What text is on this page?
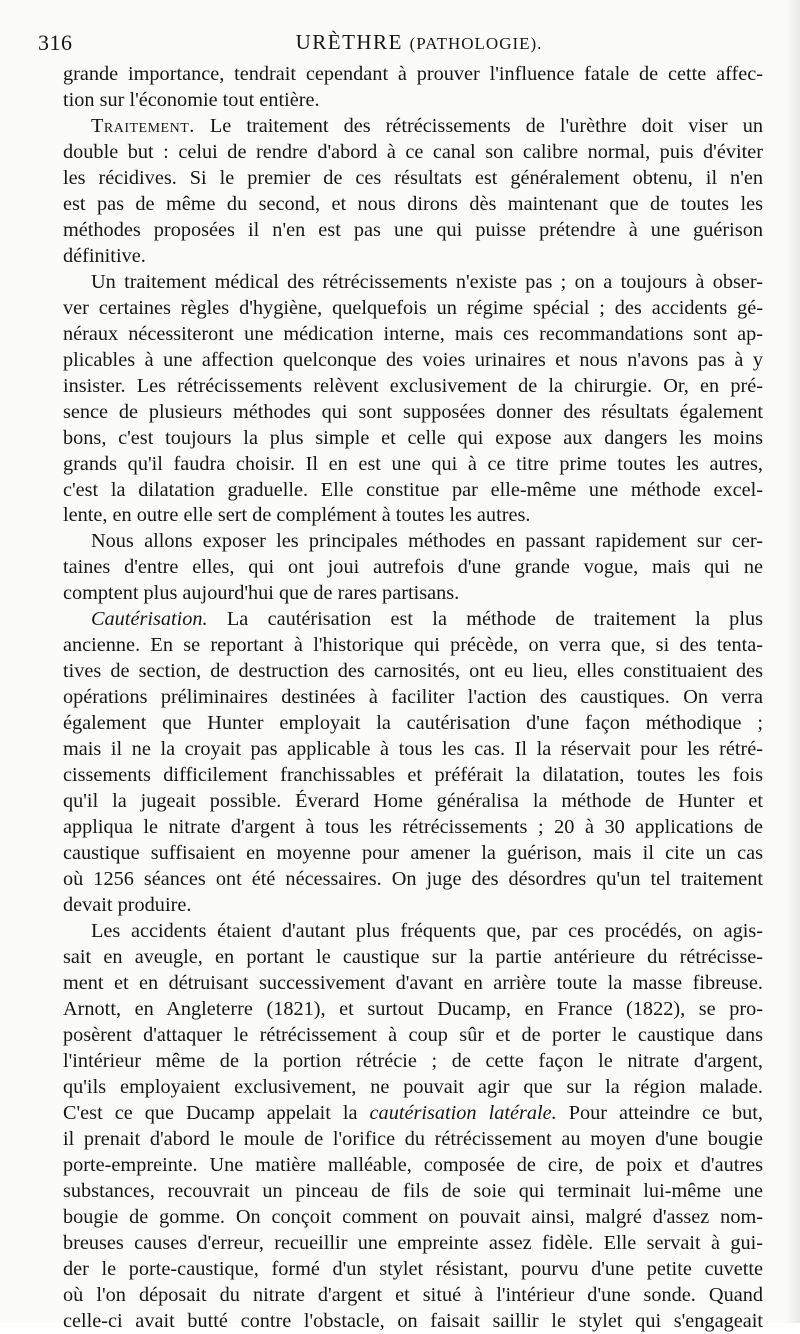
316	URÈTHRE (PATHOLOGIE).
grande importance, tendrait cependant à prouver l'influence fatale de cette affec-
tion sur l'économie tout entière.
Traitement. Le traitement des rétrécissements de l'urèthre doit viser un
double but : celui de rendre d'abord à ce canal son calibre normal, puis d'éviter
les récidives. Si le premier de ces résultats est généralement obtenu, il n'en
est pas de même du second, et nous dirons dès maintenant que de toutes les
méthodes proposées il n'en est pas une qui puisse prétendre à une guérison
définitive.
Un traitement médical des rétrécissements n'existe pas ; on a toujours à obser-
ver certaines règles d'hygiène, quelquefois un régime spécial ; des accidents gé-
néraux nécessiteront une médication interne, mais ces recommandations sont ap-
plicables à une affection quelconque des voies urinaires et nous n'avons pas à y
insister. Les rétrécissements relèvent exclusivement de la chirurgie. Or, en pré-
sence de plusieurs méthodes qui sont supposées donner des résultats également
bons, c'est toujours la plus simple et celle qui expose aux dangers les moins
grands qu'il faudra choisir. Il en est une qui à ce titre prime toutes les autres,
c'est la dilatation graduelle. Elle constitue par elle-même une méthode excel-
lente, en outre elle sert de complément à toutes les autres.
Nous allons exposer les principales méthodes en passant rapidement sur cer-
taines d'entre elles, qui ont joui autrefois d'une grande vogue, mais qui ne
comptent plus aujourd'hui que de rares partisans.
Cautérisation. La cautérisation est la méthode de traitement la plus
ancienne. En se reportant à l'historique qui précède, on verra que, si des tenta-
tives de section, de destruction des carnosités, ont eu lieu, elles constituaient des
opérations préliminaires destinées à faciliter l'action des caustiques. On verra
également que Hunter employait la cautérisation d'une façon méthodique ;
mais il ne la croyait pas applicable à tous les cas. Il la réservait pour les rétré-
cissements difficilement franchissables et préférait la dilatation, toutes les fois
qu'il la jugeait possible. Éverard Home généralisa la méthode de Hunter et
appliqua le nitrate d'argent à tous les rétrécissements ; 20 à 30 applications de
caustique suffisaient en moyenne pour amener la guérison, mais il cite un cas
où 1256 séances ont été nécessaires. On juge des désordres qu'un tel traitement
devait produire.
Les accidents étaient d'autant plus fréquents que, par ces procédés, on agis-
sait en aveugle, en portant le caustique sur la partie antérieure du rétrécisse-
ment et en détruisant successivement d'avant en arrière toute la masse fibreuse.
Arnott, en Angleterre (1821), et surtout Ducamp, en France (1822), se pro-
posèrent d'attaquer le rétrécissement à coup sûr et de porter le caustique dans
l'intérieur même de la portion rétrécie ; de cette façon le nitrate d'argent,
qu'ils employaient exclusivement, ne pouvait agir que sur la région malade.
C'est ce que Ducamp appelait la cautérisation latérale. Pour atteindre ce but,
il prenait d'abord le moule de l'orifice du rétrécissement au moyen d'une bougie
porte-empreinte. Une matière malléable, composée de cire, de poix et d'autres
substances, recouvrait un pinceau de fils de soie qui terminait lui-même une
bougie de gomme. On conçoit comment on pouvait ainsi, malgré d'assez nom-
breuses causes d'erreur, recueillir une empreinte assez fidèle. Elle servait à gui-
der le porte-caustique, formé d'un stylet résistant, pourvu d'une petite cuvette
où l'on déposait du nitrate d'argent et situé à l'intérieur d'une sonde. Quand
celle-ci avait butté contre l'obstacle, on faisait saillir le stylet qui s'engageait
